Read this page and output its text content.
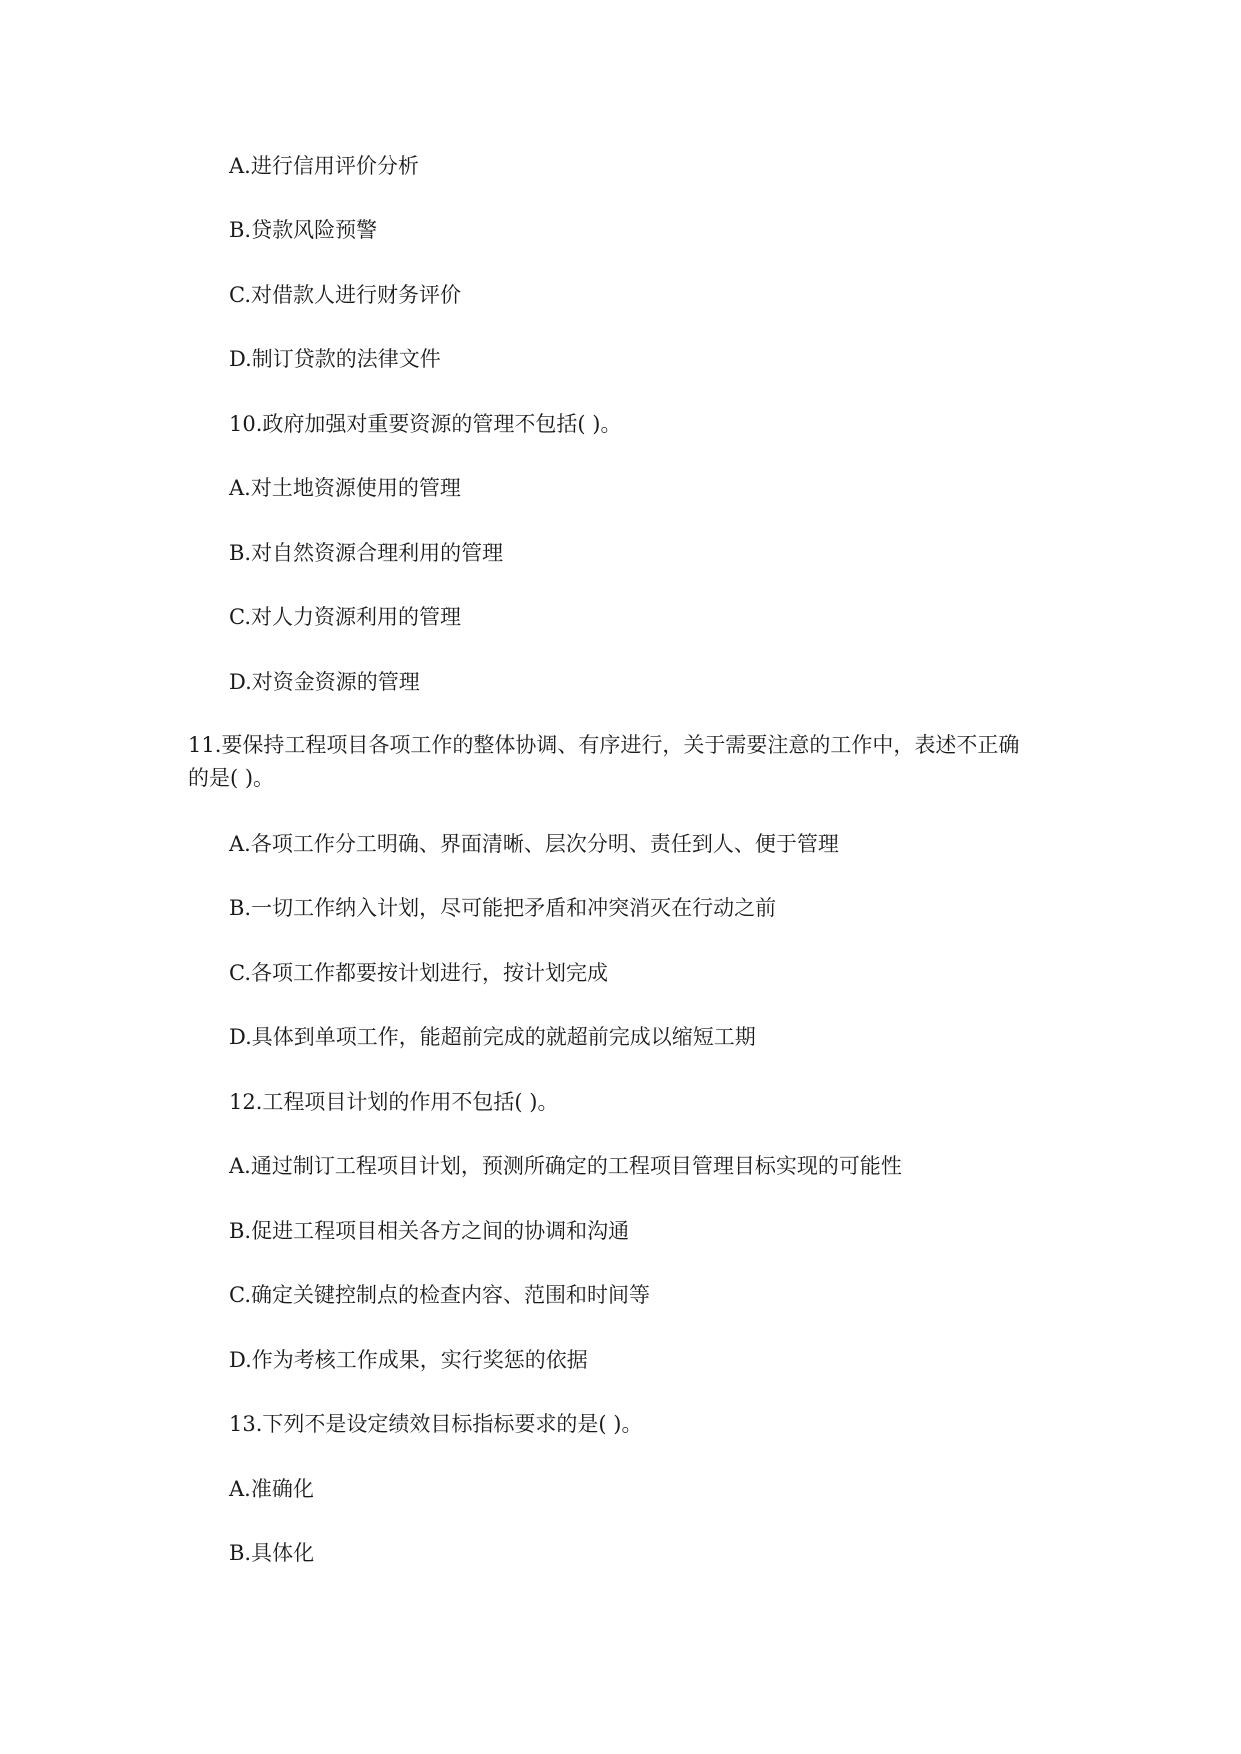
A.进行信用评价分析
B.贷款风险预警
C.对借款人进行财务评价
D.制订贷款的法律文件
10.政府加强对重要资源的管理不包括( )。
A.对土地资源使用的管理
B.对自然资源合理利用的管理
C.对人力资源利用的管理
D.对资金资源的管理
11.要保持工程项目各项工作的整体协调、有序进行，关于需要注意的工作中，表述不正确
的是( )。
A.各项工作分工明确、界面清晰、层次分明、责任到人、便于管理
B.一切工作纳入计划，尽可能把矛盾和冲突消灭在行动之前
C.各项工作都要按计划进行，按计划完成
D.具体到单项工作，能超前完成的就超前完成以缩短工期
12.工程项目计划的作用不包括( )。
A.通过制订工程项目计划，预测所确定的工程项目管理目标实现的可能性
B.促进工程项目相关各方之间的协调和沟通
C.确定关键控制点的检查内容、范围和时间等
D.作为考核工作成果，实行奖惩的依据
13.下列不是设定绩效目标指标要求的是( )。
A.准确化
B.具体化
